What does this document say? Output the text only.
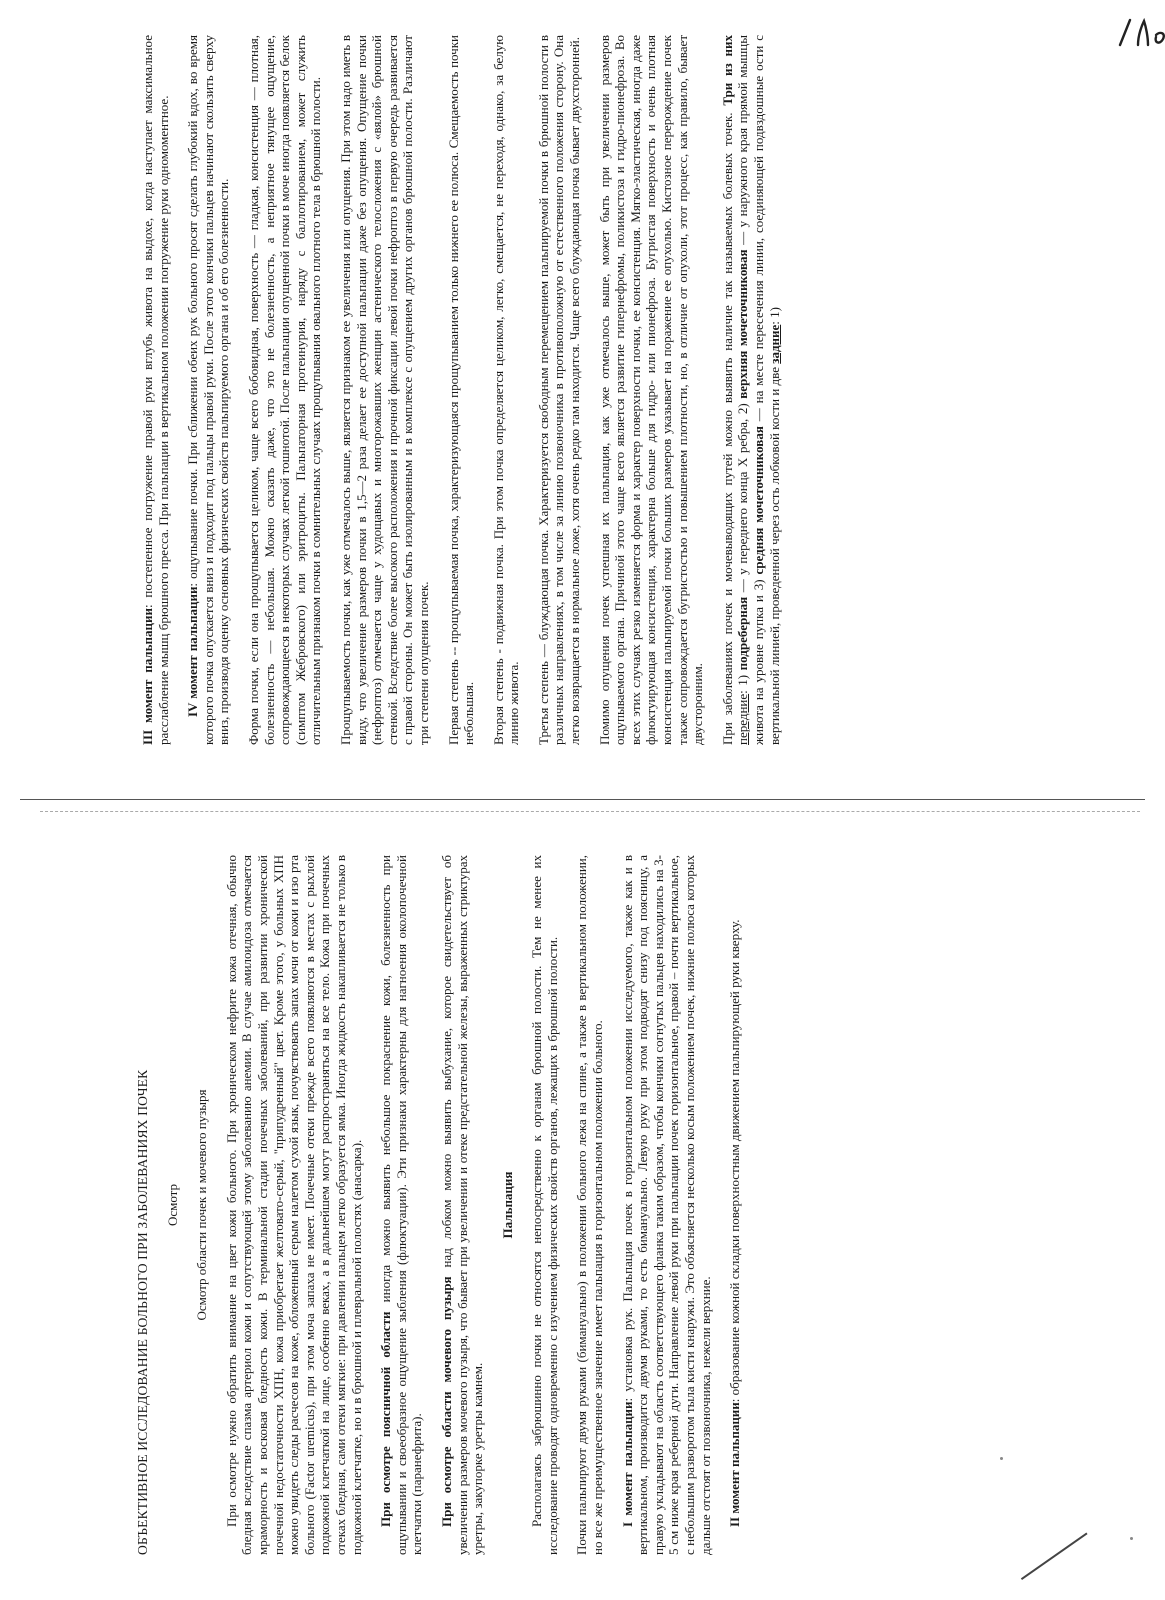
ОБЪЕКТИВНОЕ ИССЛЕДОВАНИЕ БОЛЬНОГО ПРИ ЗАБОЛЕВАНИЯХ ПОЧЕК Осмотр Осмотр области почек и мочевого пузыря При осмотре нужно обратить внимание на цвет кожи больного. При хроническом нефрите кожа отечная, обычно бледная вследствие спазма артериол кожи и сопутствующей этому заболеванию анемии. В случае амилоидоза отмечается мраморность и восковая бледность кожи. В терминальной стадии почечных заболеваний, при развитии хронической почечной недостаточности ХПН, кожа приобретает желтовато-серый, "припудренный" цвет. Кроме этого, у больных ХПН можно увидеть следы расчесов на коже, обложенный серым налетом сухой язык, почувствовать запах мочи от кожи и изо рта больного (Factor uremicus), при этом моча запаха не имеет. Почечные отеки прежде всего появляются в местах с рыхлой подкожной клетчаткой на лице, особенно веках, а в дальнейшем могут распространяться на все тело. Кожа при почечных отеках бледная, сами отеки мягкие: при давлении пальцем легко образуется ямка. Иногда жидкость накапливается не только в подкожной клетчатке, но и в брюшной и плевральной полостях (анасарка). При осмотре поясничной области иногда можно выявить небольшое покраснение кожи, болезненность при ощупывании и своеобразное ощущение зыбления (флюктуации). Эти признаки характерны для нагноения околопочечной клетчатки (паранефрита). При осмотре области мочевого пузыря над лобком можно выявить выбухание, которое свидетельствует об увеличении размеров мочевого пузыря, что бывает при увеличении и отеке предстательной железы, выраженных стриктурах уретры, закупорке уретры камнем.

Пальпация Располагаясь забрюшинно почки не относятся непосредственно к органам брюшной полости. Тем не менее их исследование проводят одновременно с изучением физических свойств органов, лежащих в брюшной полости. Почки пальпируют двумя руками (бимануально) в положении больного лежа на спине, а также в вертикальном положении, но все же преимущественное значение имеет пальпация в горизонтальном положении больного. I момент пальпации: установка рук. Пальпация почек в горизонтальном положении исследуемого, также как и в вертикальном, производится двумя руками, то есть бимануально. Левую руку при этом подводят снизу под поясницу, а правую укладывают на область соответствующего фланка таким образом, чтобы кончики согнутых пальцев находились на 3-5 см ниже края реберной дуги. Направление левой руки при пальпации почек горизонтальное, правой – почти вертикальное, с небольшим разворотом тыла кисти кнаружи. Это объясняется несколько косым положением почек, нижние полюса которых дальше отстоят от позвоночника, нежели верхние. II момент пальпации: образование кожной складки поверхностным движением пальпирующей руки кверху.

III момент пальпации: постепенное погружение правой руки вглубь живота на выдохе, когда наступает максимальное расслабление мышц брюшного пресса. При пальпации в вертикальном положении погружение руки одномоментное. IV момент пальпации: ощупывание почки. При сближении обеих рук больного просят сделать глубокий вдох, во время которого почка опускается вниз и подходит под пальцы правой руки. После этого кончики пальцев начинают скользить сверху вниз, производя оценку основных физических свойств пальпируемого органа и об его болезненности. Форма почки, если она прощупывается целиком, чаще всего бобовидная, поверхность — гладкая, консистенция — плотная, болезненность — небольшая. Можно сказать даже, что это не болезненность, а неприятное тянущее ощущение, сопровождающееся в некоторых случаях легкой тошнотой. После пальпации опущенной почки в моче иногда появляется белок (симптом Жебровского) или эритроциты. Пальпаторная протеинурия, наряду с баллотированием, может служить отличительным признаком почки в сомнительных случаях прощупывания овального плотного тела в брюшной полости. Прощупываемость почки, как уже отмечалось выше, является признаком ее увеличения или опущения. При этом надо иметь в виду, что увеличение размеров почки в 1,5—2 раза делает ее доступной пальпации даже без опущения. Опущение почки (нефроптоз) отмечается чаще у худощавых и многорожавших женщин астенического телосложения с «вялой» брюшной стенкой. Вследствие более высокого расположения и прочной фиксации левой почки нефроптоз в первую очередь развивается с правой стороны. Он может быть изолированным и в комплексе с опущением других органов брюшной полости. Различают три степени опущения почек. Первая степень -- прощупываемая почка, характеризующаяся прощупыванием только нижнего ее полюса. Смещаемость почки небольшая. Вторая степень - подвижная почка. При этом почка определяется целиком, легко, смещается, не переходя, однако, за белую линию живота. Третья степень — блуждающая почка. Характеризуется свободным перемещением пальпируемой почки в брюшной полости в различных направлениях, в том числе за линию позвоночника в противоположную от естественного положения сторону. Она легко возвращается в нормальное ложе, хотя очень редко там находится. Чаще всего блуждающая почка бывает двухсторонней. Помимо опущения почек успешная их пальпация, как уже отмечалось выше, может быть при увеличении размеров ощупываемого органа. Причиной этого чаще всего является развитие гипернефромы, поликистоза и гидро-пионефроза. Во всех этих случаях резко изменяется форма и характер поверхности почки, ее консистенция. Мягко-эластическая, иногда даже флюктуирующая консистенция, характерна больше для гидро- или пионефроза. Бугристая поверхность и очень плотная консистенция пальпируемой почки больших размеров указывает на поражение ее опухолью. Кистозное перерождение почек также сопровождается бугристостью и повышением плотности, но, в отличие от опухоли, этот процесс, как правило, бывает двусторонним. При заболеваниях почек и мочевыводящих путей можно выявить наличие так называемых болевых точек. Три из них передние: 1) подреберная — у переднего конца X ребра, 2) верхняя мочеточниковая — у наружного края прямой мышцы живота на уровне пупка и 3) средняя мочеточниковая — на месте пересечения линии, соединяющей подвздошные ости с вертикальной линией, проведенной через ость лобковой кости и две задние: 1)
